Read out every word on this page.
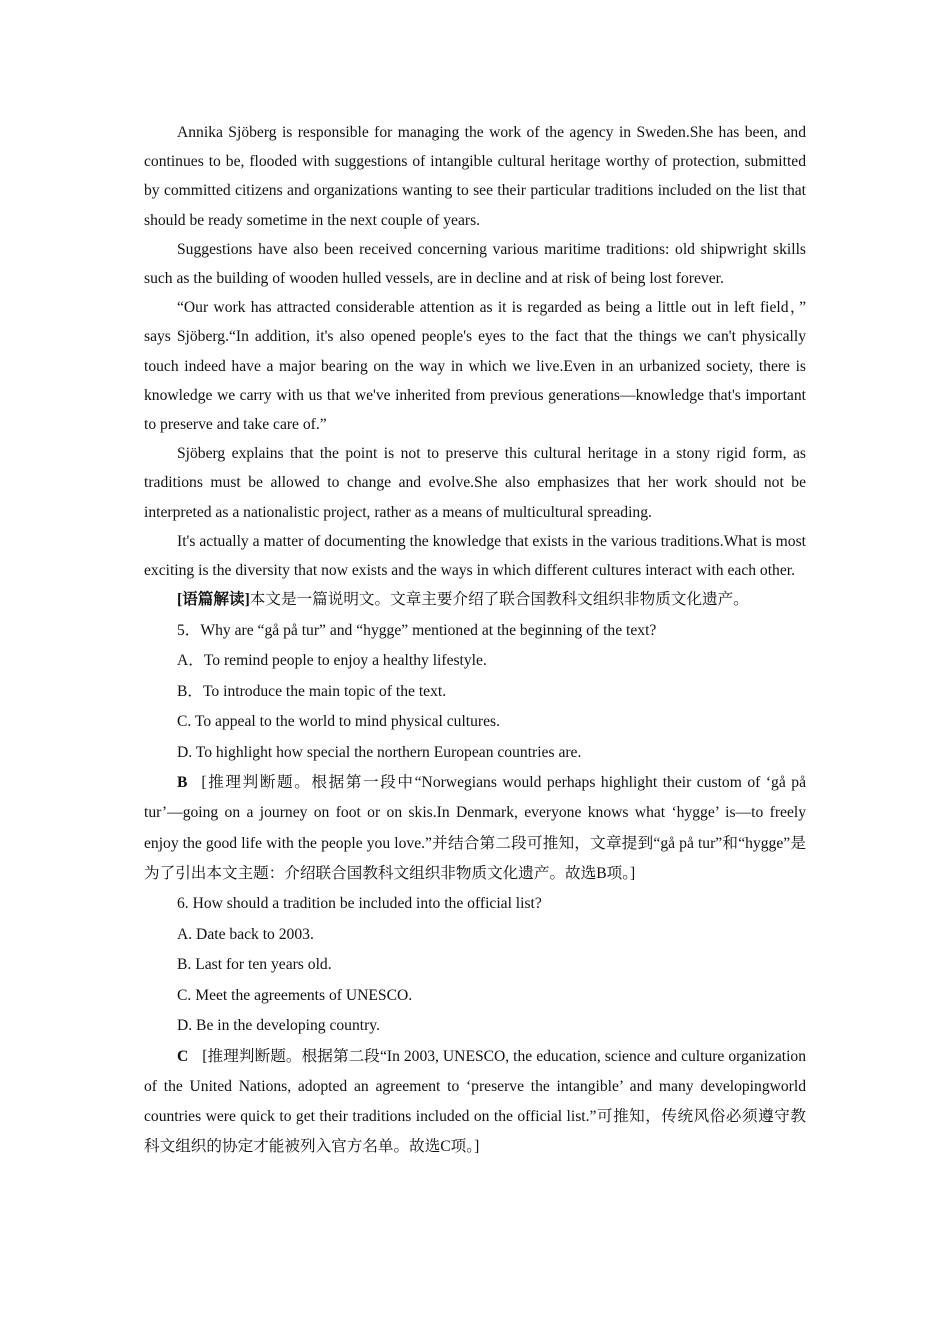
Annika Sjöberg is responsible for managing the work of the agency in Sweden.She has been, and continues to be, flooded with suggestions of intangible cultural heritage worthy of protection, submitted by committed citizens and organizations wanting to see their particular traditions included on the list that should be ready sometime in the next couple of years.

Suggestions have also been received concerning various maritime traditions: old shipwright skills such as the building of wooden hulled vessels, are in decline and at risk of being lost forever.

“Our work has attracted considerable attention as it is regarded as being a little out in left field，” says Sjöberg.“In addition, it's also opened people's eyes to the fact that the things we can't physically touch indeed have a major bearing on the way in which we live.Even in an urbanized society, there is knowledge we carry with us that we've inherited from previous generations—knowledge that's important to preserve and take care of.”

Sjöberg explains that the point is not to preserve this cultural heritage in a stony rigid form, as traditions must be allowed to change and evolve.She also emphasizes that her work should not be interpreted as a nationalistic project, rather as a means of multicultural spreading.

It's actually a matter of documenting the knowledge that exists in the various traditions.What is most exciting is the diversity that now exists and the ways in which different cultures interact with each other.

[语篇解读]本文是一篇说明文。文章主要介绍了联合国教科文组织非物质文化遗产。

5．Why are “gå på tur” and “hygge” mentioned at the beginning of the text?

A．To remind people to enjoy a healthy lifestyle.

B．To introduce the main topic of the text.

C. To appeal to the world to mind physical cultures.

D. To highlight how special the northern European countries are.

B [推理判断题。根据第一段中“Norwegians would perhaps highlight their custom of ‘gå på tur’—going on a journey on foot or on skis.In Denmark, everyone knows what ‘hygge’ is—to freely enjoy the good life with the people you love.”并结合第二段可推知，文章提到“gå på tur”和“hygge”是为了引出本文主题：介绍联合国教科文组织非物质文化遗产。故选B项。]

6. How should a tradition be included into the official list?

A. Date back to 2003.

B. Last for ten years old.

C. Meet the agreements of UNESCO.

D. Be in the developing country.

C [推理判断题。根据第二段“In 2003, UNESCO, the education, science and culture organization of the United Nations, adopted an agreement to ‘preserve the intangible’ and many developingworld countries were quick to get their traditions included on the official list.”可推知，传统风俗必须遵守教科文组织的协定才能被列入官方名单。故选C项。]
